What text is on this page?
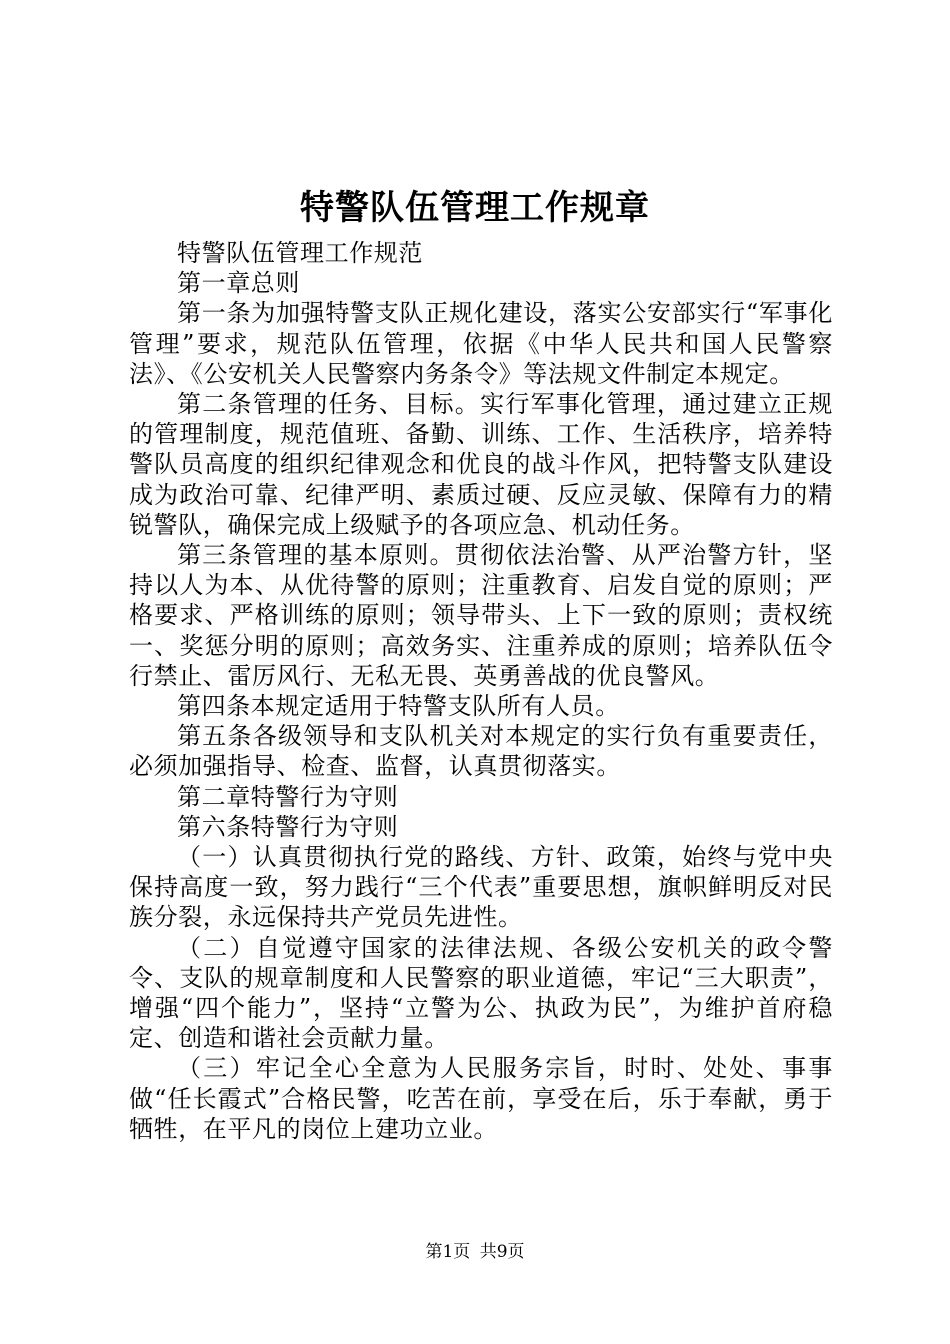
特警队伍管理工作规章

特警队伍管理工作规范

第一章总则

第一条为加强特警支队正规化建设，落实公安部实行“军事化管理”要求，规范队伍管理，依据《中华人民共和国人民警察法》、《公安机关人民警察内务条令》等法规文件制定本规定。

第二条管理的任务、目标。实行军事化管理，通过建立正规的管理制度，规范值班、备勤、训练、工作、生活秩序，培养特警队员高度的组织纪律观念和优良的战斗作风，把特警支队建设成为政治可靠、纪律严明、素质过硬、反应灵敏、保障有力的精锐警队，确保完成上级赋予的各项应急、机动任务。

第三条管理的基本原则。贯彻依法治警、从严治警方针，坚持以人为本、从优待警的原则；注重教育、启发自觉的原则；严格要求、严格训练的原则；领导带头、上下一致的原则；责权统一、奖惩分明的原则；高效务实、注重养成的原则；培养队伍令行禁止、雷厉风行、无私无畏、英勇善战的优良警风。

第四条本规定适用于特警支队所有人员。

第五条各级领导和支队机关对本规定的实行负有重要责任，必须加强指导、检查、监督，认真贯彻落实。

第二章特警行为守则

第六条特警行为守则

（一）认真贯彻执行党的路线、方针、政策，始终与党中央保持高度一致，努力践行“三个代表”重要思想，旗帜鲜明反对民族分裂，永远保持共产党员先进性。

（二）自觉遵守国家的法律法规、各级公安机关的政令警令、支队的规章制度和人民警察的职业道德，牢记“三大职责”，增强“四个能力”，坚持“立警为公、执政为民”，为维护首府稳定、创造和谐社会贡献力量。

（三）牢记全心全意为人民服务宗旨，时时、处处、事事做“任长霞式”合格民警，吃苦在前，享受在后，乐于奉献，勇于牺牲，在平凡的岗位上建功立业。

第1页 共9页
